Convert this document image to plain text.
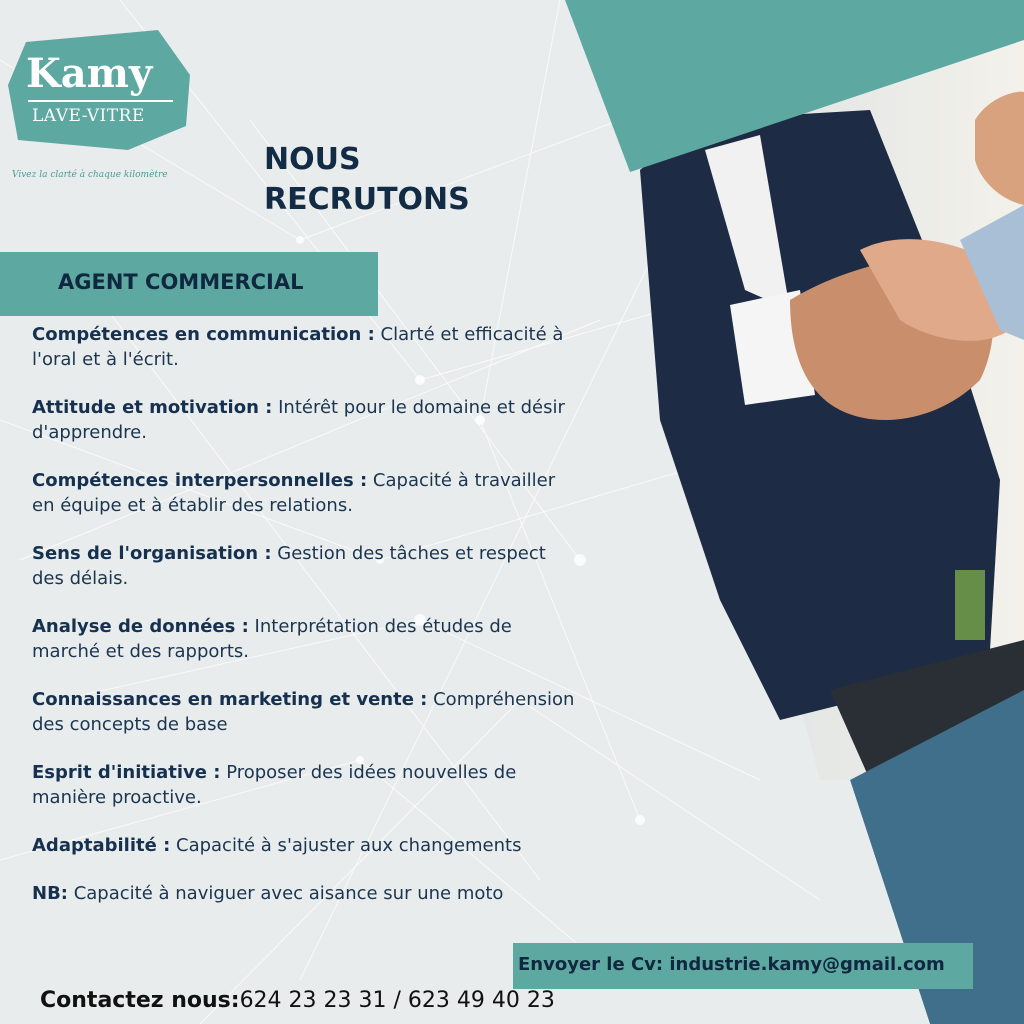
Kamy
LAVE-VITRE
Vivez la clarté à chaque kilomètre	NOUS
RECRUTONS
AGENT COMMERCIAL

Compétences en communication : Clarté et efficacité à l'oral et à l'écrit.

Attitude et motivation : Intérêt pour le domaine et désir d'apprendre.

Compétences interpersonnelles : Capacité à travailler en équipe et à établir des relations.

Sens de l'organisation : Gestion des tâches et respect des délais.

Analyse de données : Interprétation des études de marché et des rapports.

Connaissances en marketing et vente : Compréhension des concepts de base

Esprit d'initiative : Proposer des idées nouvelles de manière proactive.

Adaptabilité : Capacité à s'ajuster aux changements

NB: Capacité à naviguer avec aisance sur une moto

Envoyer le Cv: industrie.kamy@gmail.com
Contactez nous:624 23 23 31 / 623 49 40 23
